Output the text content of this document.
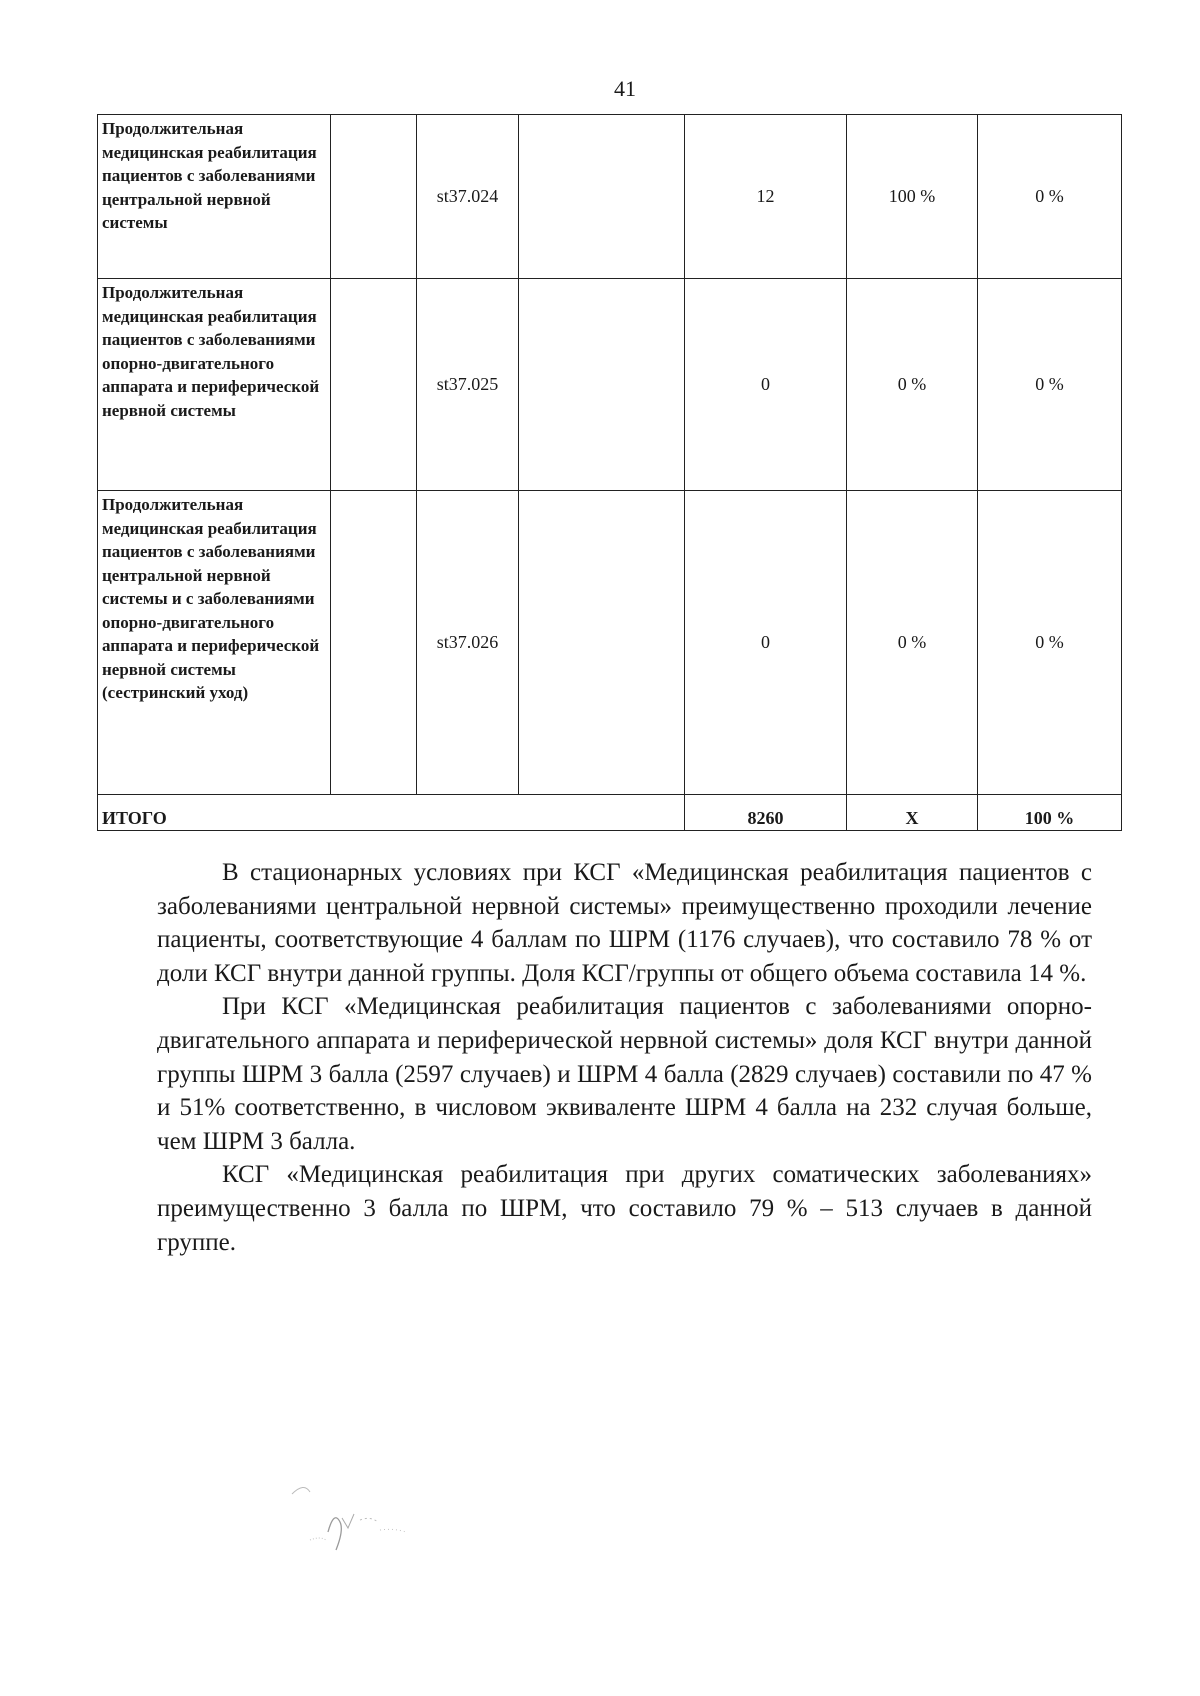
41
Продолжительная медицинская реабилитация пациентов с заболеваниями центральной нервной системы		st37.024		12	100 %	0 %
Продолжительная медицинская реабилитация пациентов с заболеваниями опорно-двигательного аппарата и периферической нервной системы		st37.025		0	0 %	0 %
Продолжительная медицинская реабилитация пациентов с заболеваниями центральной нервной системы и с заболеваниями опорно-двигательного аппарата и периферической нервной системы (сестринский уход)		st37.026		0	0 %	0 %
ИТОГО				8260	Х	100 %

В стационарных условиях при КСГ «Медицинская реабилитация пациентов с заболеваниями центральной нервной системы» преимущественно проходили лечение пациенты, соответствующие 4 баллам по ШРМ (1176 случаев), что составило 78 % от доли КСГ внутри данной группы. Доля КСГ/группы от общего объема составила 14 %.

При КСГ «Медицинская реабилитация пациентов с заболеваниями опорно-двигательного аппарата и периферической нервной системы» доля КСГ внутри данной группы ШРМ 3 балла (2597 случаев) и ШРМ 4 балла (2829 случаев) составили по 47 % и 51% соответственно, в числовом эквиваленте ШРМ 4 балла на 232 случая больше, чем ШРМ 3 балла.

КСГ «Медицинская реабилитация при других соматических заболеваниях» преимущественно 3 балла по ШРМ, что составило 79 % – 513 случаев в данной группе.
